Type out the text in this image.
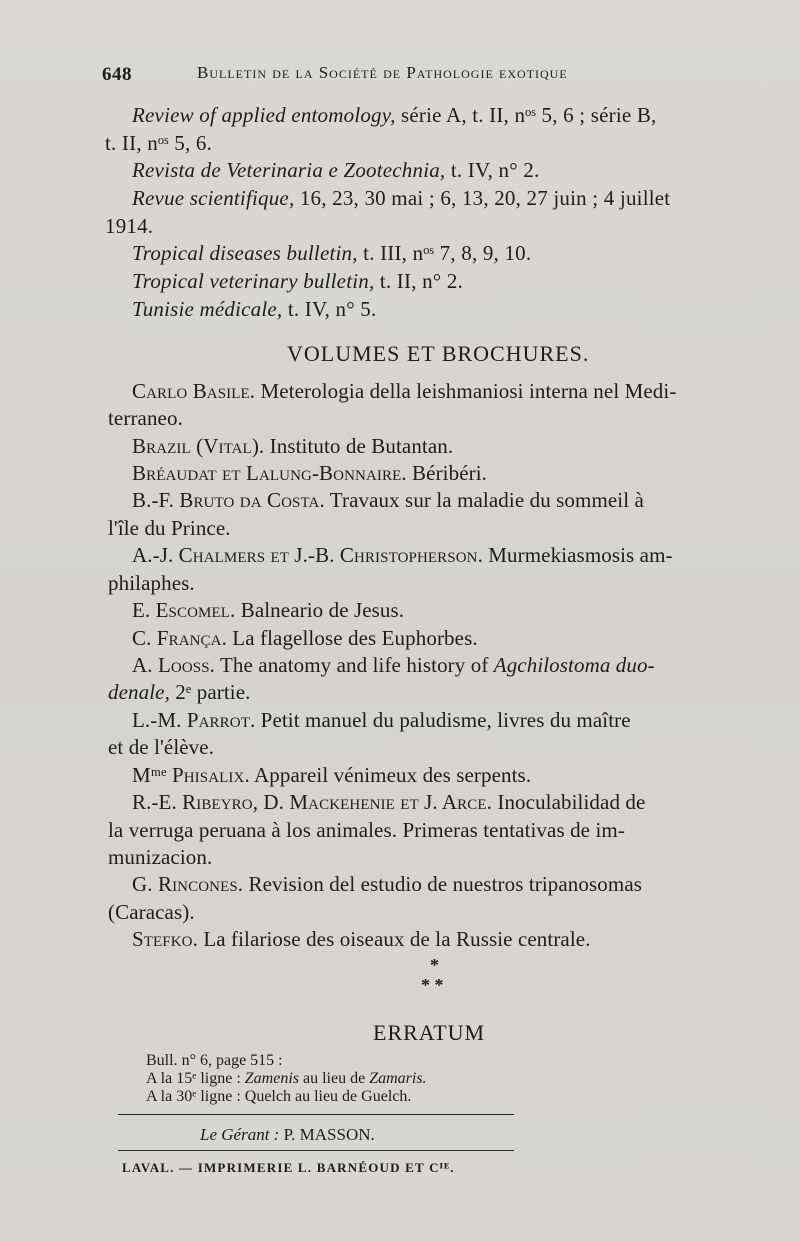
648	Bulletin de la Société de Pathologie exotique
Review of applied entomology, série A, t. II, nᵒˢ 5, 6 ; série B,
t. II, nᵒˢ 5, 6.
Revista de Veterinaria e Zootechnia, t. IV, n° 2.
Revue scientifique, 16, 23, 30 mai ; 6, 13, 20, 27 juin ; 4 juillet
1914.
Tropical diseases bulletin, t. III, nᵒˢ 7, 8, 9, 10.
Tropical veterinary bulletin, t. II, n° 2.
Tunisie médicale, t. IV, n° 5.
VOLUMES ET BROCHURES.
Carlo Basile. Meterologia della leishmaniosi interna nel Medi-
terraneo.
Brazil (Vital). Instituto de Butantan.
Bréaudat et Lalung-Bonnaire. Béribéri.
B.-F. Bruto da Costa. Travaux sur la maladie du sommeil à
l'île du Prince.
A.-J. Chalmers et J.-B. Christopherson. Murmekiasmosis am-
philaphes.
E. Escomel. Balneario de Jesus.
C. França. La flagellose des Euphorbes.
A. Looss. The anatomy and life history of Agchilostoma duo-
denale, 2ᵉ partie.
L.-M. Parrot. Petit manuel du paludisme, livres du maître
et de l'élève.
Mᵐᵉ Phisalix. Appareil vénimeux des serpents.
R.-E. Ribeyro, D. Mackehenie et J. Arce. Inoculabilidad de
la verruga peruana à los animales. Primeras tentativas de im-
munizacion.
G. Rincones. Revision del estudio de nuestros tripanosomas
(Caracas).
Stefko. La filariose des oiseaux de la Russie centrale.
*
* *
ERRATUM
Bull. n° 6, page 515 :
A la 15ᵉ ligne : Zamenis au lieu de Zamaris.
A la 30ᵉ ligne : Quelch au lieu de Guelch.
Le Gérant : P. MASSON.
LAVAL. — IMPRIMERIE L. BARNÉOUD ET Cᴵᴱ.
